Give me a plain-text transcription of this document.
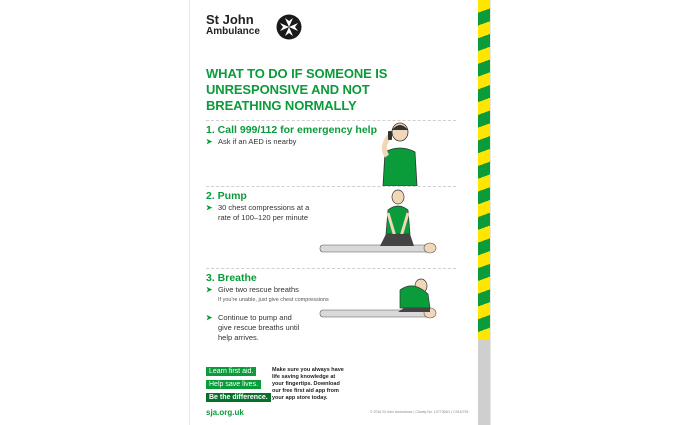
St John
Ambulance
WHAT TO DO IF SOMEONE IS
UNRESPONSIVE AND NOT
BREATHING NORMALLY
1. Call 999/112 for emergency help
➤ Ask if an AED is nearby
2. Pump
➤ 30 chest compressions at a
rate of 100–120 per minute
3. Breathe
➤ Give two rescue breaths
If you're unable, just give chest compressions
➤ Continue to pump and
give rescue breaths until
help arrives.
Learn first aid.
Help save lives.
Be the difference.
Make sure you always have
life saving knowledge at
your fingertips. Download
our free first aid app from
your app store today.
sja.org.uk	© 2016 St John Ambulance | Charity No. 1077265/1 | C016/793
